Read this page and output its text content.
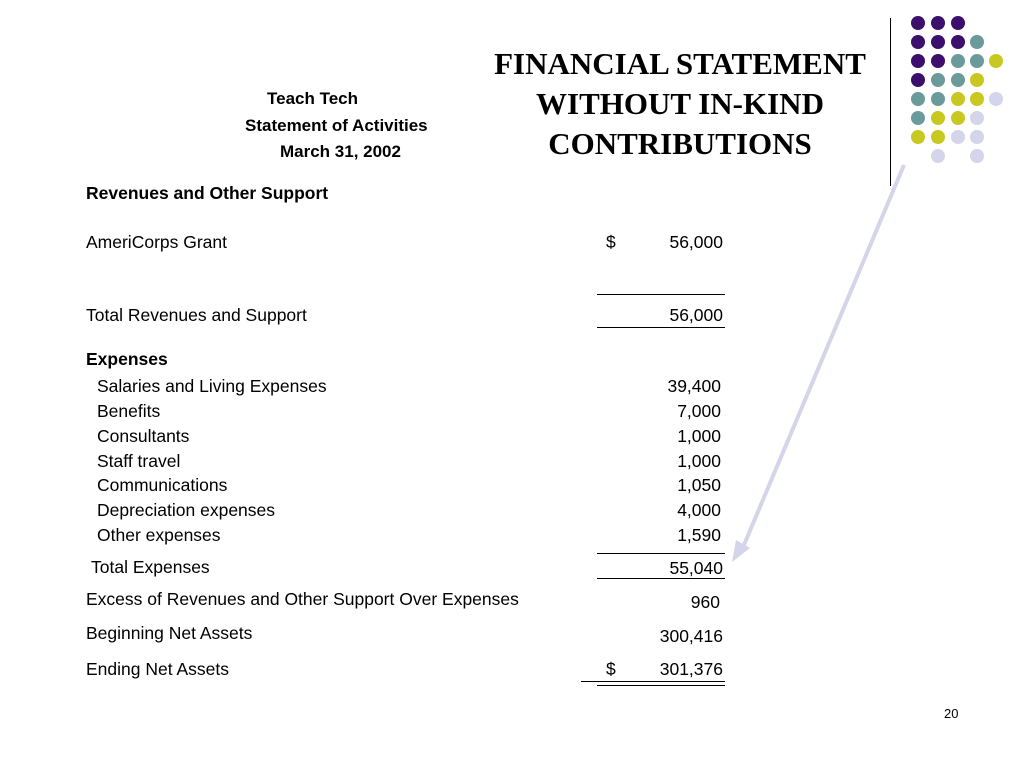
FINANCIAL STATEMENT
WITHOUT IN-KIND
CONTRIBUTIONS
Teach Tech
Statement of Activities
March 31, 2002
Revenues and Other Support
AmeriCorps Grant	$	56,000
Total Revenues and Support	56,000
Expenses
Salaries and Living Expenses	39,400
Benefits	7,000
Consultants	1,000
Staff travel	1,000
Communications	1,050
Depreciation expenses	4,000
Other expenses	1,590
Total Expenses	55,040
Excess of Revenues and Other Support Over Expenses	960
Beginning Net Assets	300,416
Ending Net Assets	$	301,376
20
